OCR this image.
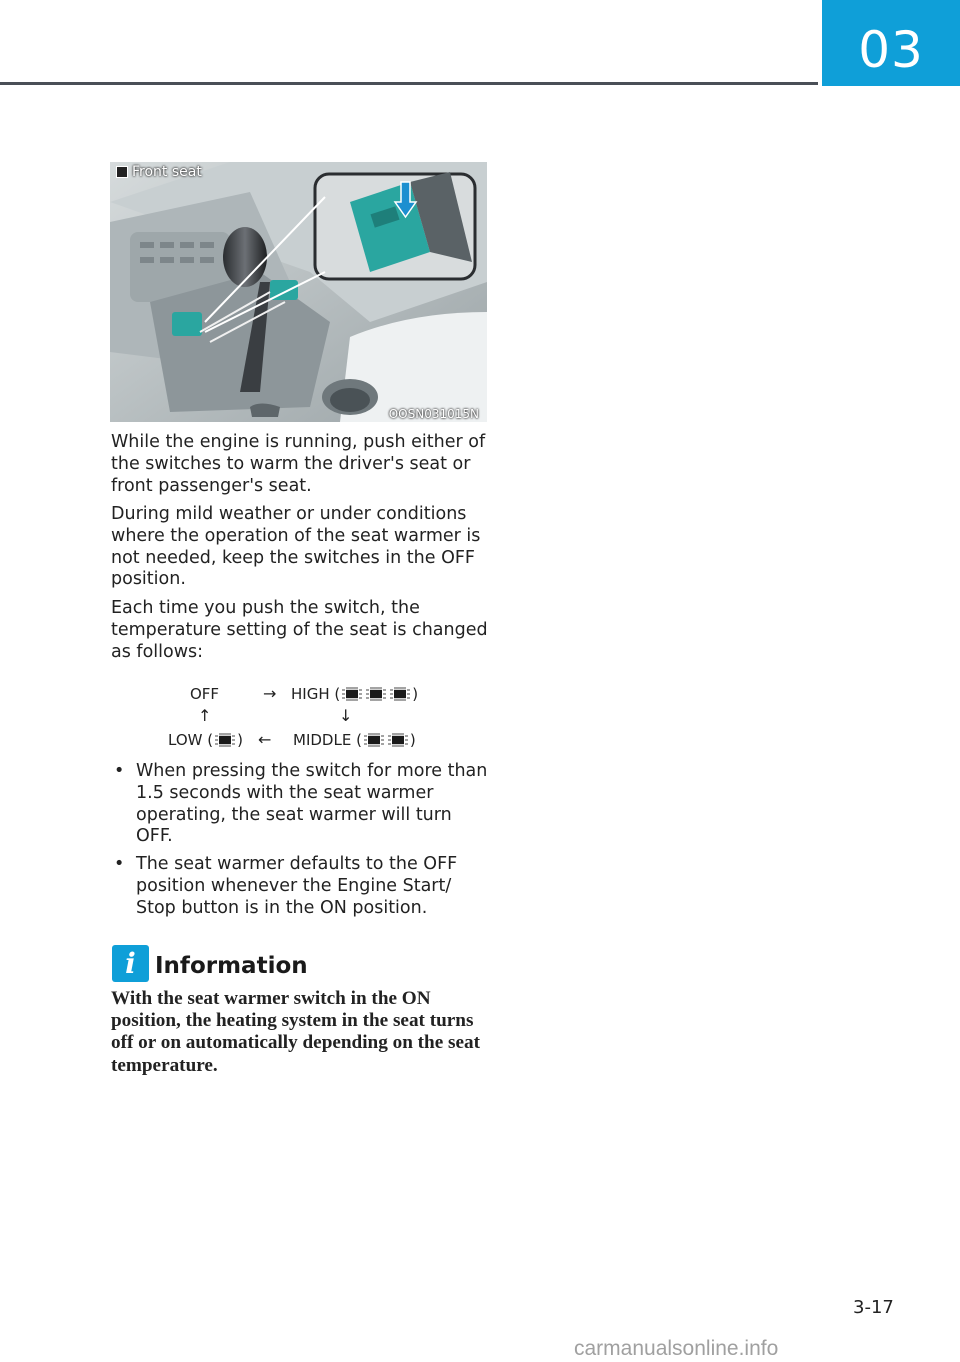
03
Front seat
OOSN031015N

While the engine is running, push either of the switches to warm the driver's seat or front passenger's seat.

During mild weather or under conditions where the operation of the seat warmer is not needed, keep the switches in the OFF position.

Each time you push the switch, the temperature setting of the seat is changed as follows:

OFF	→ HIGH (	)
↑	↓
LOW ( ) ← MIDDLE (	)
• When pressing the switch for more than 1.5 seconds with the seat warmer operating, the seat warmer will turn OFF.
• The seat warmer defaults to the OFF position whenever the Engine Start/ Stop button is in the ON position.
i Information

With the seat warmer switch in the ON position, the heating system in the seat turns off or on automatically depending on the seat temperature.

3-17
carmanualsonline.info
